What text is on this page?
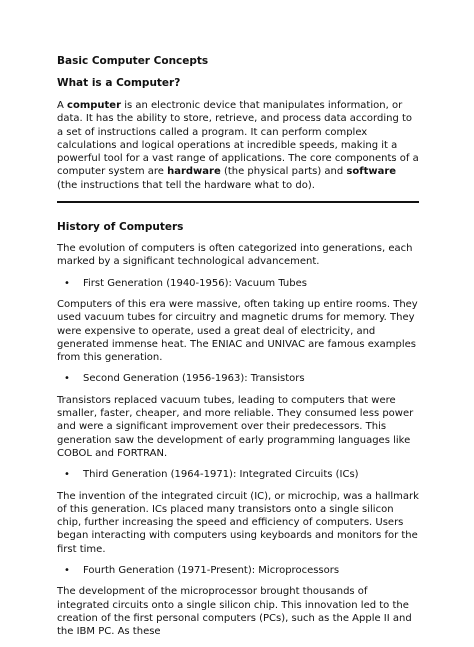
Basic Computer Concepts
What is a Computer?

A computer is an electronic device that manipulates information, or data. It has the ability to store, retrieve, and process data according to a set of instructions called a program. It can perform complex calculations and logical operations at incredible speeds, making it a powerful tool for a vast range of applications. The core components of a computer system are hardware (the physical parts) and software (the instructions that tell the hardware what to do).

History of Computers

The evolution of computers is often categorized into generations, each marked by a significant technological advancement.

•	First Generation (1940-1956): Vacuum Tubes

Computers of this era were massive, often taking up entire rooms. They used vacuum tubes for circuitry and magnetic drums for memory. They were expensive to operate, used a great deal of electricity, and generated immense heat. The ENIAC and UNIVAC are famous examples from this generation.

•	Second Generation (1956-1963): Transistors

Transistors replaced vacuum tubes, leading to computers that were smaller, faster, cheaper, and more reliable. They consumed less power and were a significant improvement over their predecessors. This generation saw the development of early programming languages like COBOL and FORTRAN.

•	Third Generation (1964-1971): Integrated Circuits (ICs)

The invention of the integrated circuit (IC), or microchip, was a hallmark of this generation. ICs placed many transistors onto a single silicon chip, further increasing the speed and efficiency of computers. Users began interacting with computers using keyboards and monitors for the first time.

•	Fourth Generation (1971-Present): Microprocessors

The development of the microprocessor brought thousands of integrated circuits onto a single silicon chip. This innovation led to the creation of the first personal computers (PCs), such as the Apple II and the IBM PC. As these
